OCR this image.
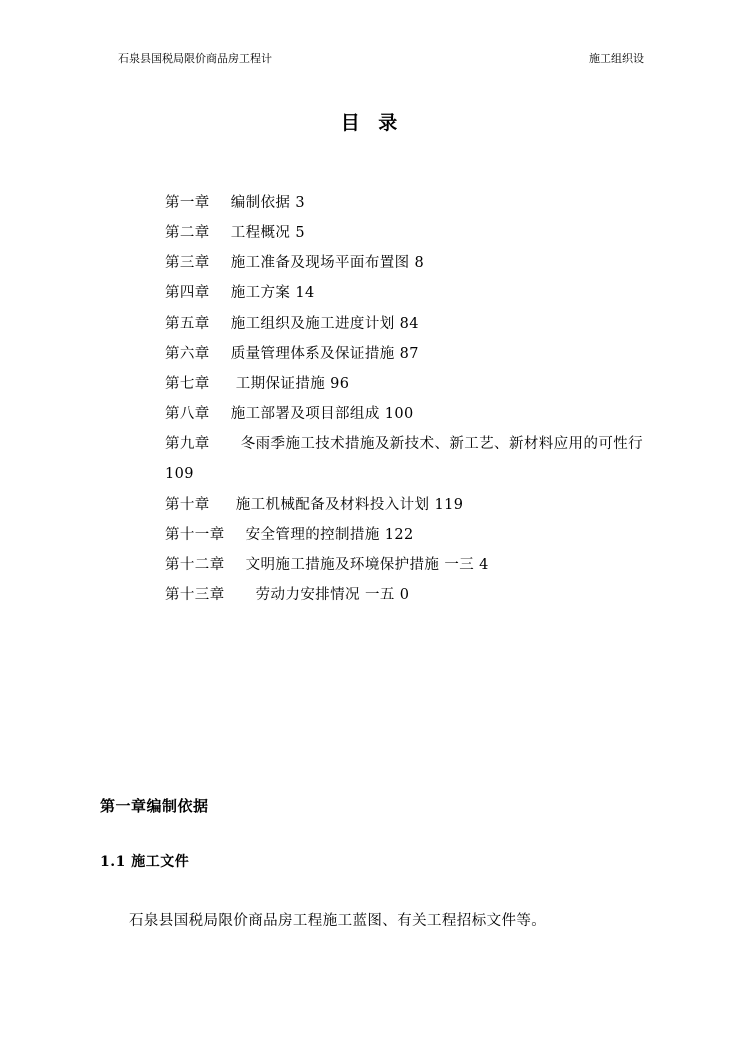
石泉县国税局限价商品房工程计	施工组织设
目 录
第一章 编制依据 3
第二章 工程概况 5
第三章 施工准备及现场平面布置图 8
第四章 施工方案 14
第五章 施工组织及施工进度计划 84
第六章 质量管理体系及保证措施 87
第七章 工期保证措施 96
第八章 施工部署及项目部组成 100
第九章 冬雨季施工技术措施及新技术、新工艺、新材料应用的可性行 109
第十章 施工机械配备及材料投入计划 119
第十一章 安全管理的控制措施 122
第十二章 文明施工措施及环境保护措施 一三 4
第十三章 劳动力安排情况 一五 0
第一章编制依据
1.1 施工文件
石泉县国税局限价商品房工程施工蓝图、有关工程招标文件等。
